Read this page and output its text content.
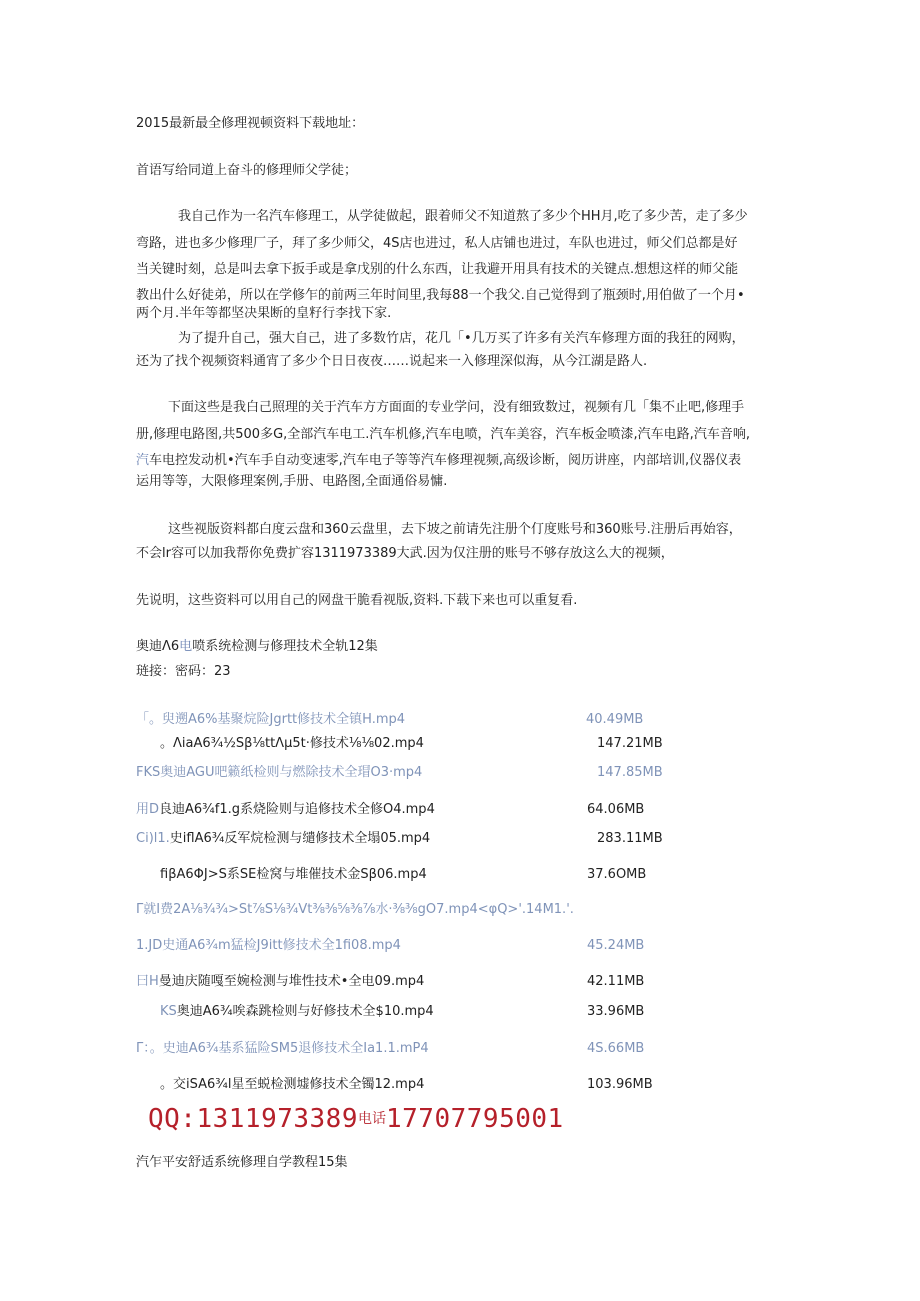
2015最新最全修理视顿资料下载地址：
首语写给同道上奋斗的修理师父学徒；
我自己作为一名汽车修理工，从学徒做起，跟着师父不知道熬了多少个HH月,吃了多少苦，走了多少
弯路，进也多少修理厂子，拜了多少师父，4S店也进过，私人店铺也进过，车队也进过，师父们总都是好
当关键时刻，总是叫去拿下扳手或是拿戊别的什么东西，让我避开用具有技术的关键点.想想这样的师父能
教出什么好徒弟，所以在学修乍的前两三年时间里,我每88一个我父.自己觉得到了瓶颈时,用伯做了一个月•
两个月.半年等都坚决果断的皇籽行李找下家.
为了提升自己，强大自己，进了多数竹店，花几「•几万买了许多有关汽车修理方面的我狂的网购，
还为了找个视频资料通宵了多少个日日夜夜……说起来一入修理深似海，从今江湖是路人.
下面这些是我白己照理的关于汽车方方面面的专业学问，没有细致数过，视频有几「集不止吧,修理手
册,修理电路图,共500多G,全部汽车电工.汽车机修,汽车电喷，汽车美容，汽车板金喷漆,汽车电路,汽车音响,
汽车电控发动机•汽车手自动变速零,汽车电子等等汽车修理视频,高级诊断，阅历讲座，内部培训,仪器仪表
运用等等，大限修理案例,手册、电路图,全面通俗易慵.
这些视版资料都白度云盘和360云盘里，去下坡之前请先注册个仃度账号和360账号.注册后再始容，
不会lr容可以加我帮你免费扩容1311973389大武.因为仅注册的账号不够存放这么大的视频，
先说明，这些资料可以用自己的网盘干脆看视版,资料.下载下来也可以重复看.
奥迪Λ6电喷系统检测与修理技术全轨12集
琏接：密码：23
「。臾遡A6%基聚烷险Jgrtt修技术全镇H.mp4	40.49MB
。ΛiaA6¾½Sβ⅛ttΛμ5t·修技术⅛⅛02.mp4	147.21MB
FKS奥迪AGU吧籁纸检则与燃除技术全瑁O3·mp4	147.85MB
用D良迪A6¾f1.g系烧险则与追修技术全修O4.mp4	64.06MB
Ci)l1.史iflA6¾反军烷检测与缱修技术全塌05.mp4	283.11MB
fiβA6ΦJ>S系SE检窝与堆催技术金Sβ06.mp4	37.6OMB
Γ就I费2A⅛¾¾>St⅞S⅛¾Vt⅜⅜⅝⅜⅞水·⅜⅜gO7.mp4<φQ>'.14M1.'.
1.JD史通A6¾m猛检J9itt修技术全1fi08.mp4	45.24MB
曰H曼迪庆随嘎至婉检测与堆性技术•全电09.mp4	42.11MB
KS奥迪A6¾唉森跳检则与好修技术全$10.mp4	33.96MB
Γ：。史迪A6¾基系猛险SM5退修技术全Ia1.1.mP4	4S.66MB
。交iSA6¾l星至蜕检测墟修技术全镯12.mp4	103.96MB
QQ:1311973389电话17707795001
汽乍平安舒适系统修理自学教程15集
